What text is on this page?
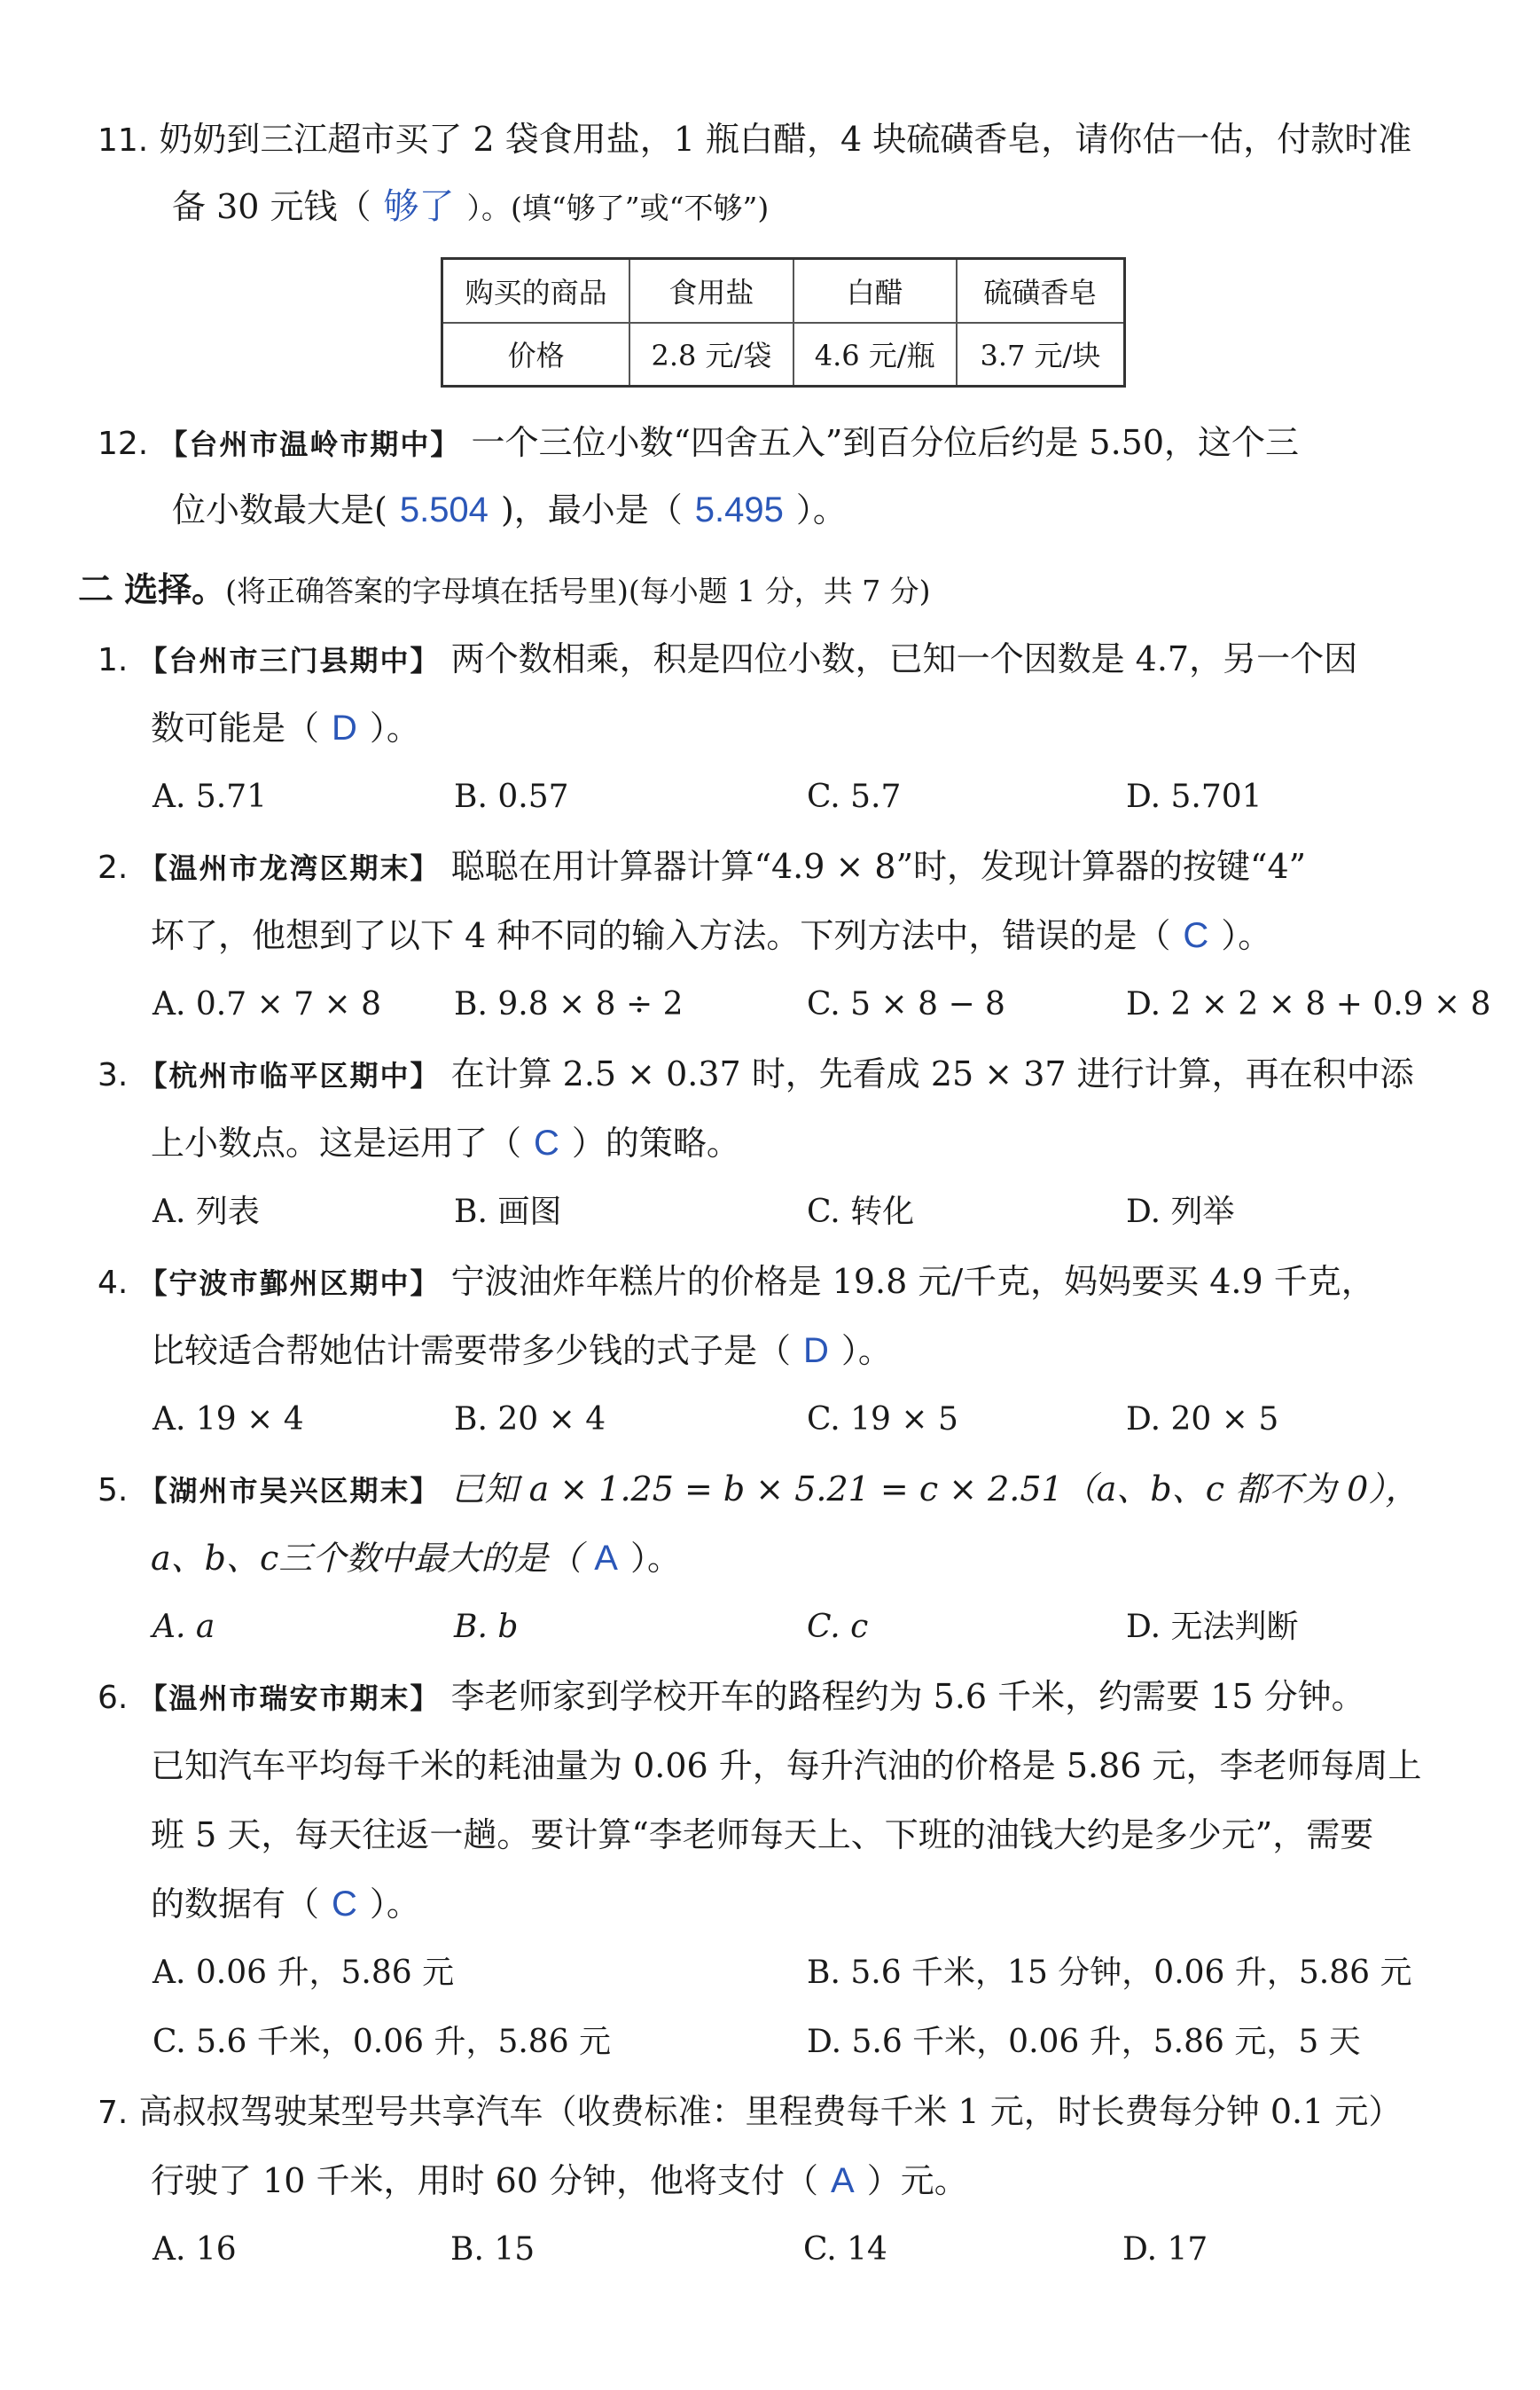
11. 奶奶到三江超市买了 2 袋食用盐，1 瓶白醋，4 块硫磺香皂，请你估一估，付款时准
备 30 元钱（ 够了 ）。(填“够了”或“不够”)
购买的商品	食用盐	白醋	硫磺香皂
价格	2.8 元/袋	4.6 元/瓶	3.7 元/块
12. 【台州市温岭市期中】 一个三位小数“四舍五入”到百分位后约是 5.50，这个三
位小数最大是( 5.504 )，最小是（ 5.495 ）。
二 选择。(将正确答案的字母填在括号里)(每小题 1 分，共 7 分)
1. 【台州市三门县期中】 两个数相乘，积是四位小数，已知一个因数是 4.7，另一个因
数可能是（ D ）。
A. 5.71	B. 0.57	C. 5.7	D. 5.701
2. 【温州市龙湾区期末】 聪聪在用计算器计算“4.9 × 8”时，发现计算器的按键“4”
坏了，他想到了以下 4 种不同的输入方法。下列方法中，错误的是（ C ）。
A. 0.7 × 7 × 8 B. 9.8 × 8 ÷ 2	C. 5 × 8 − 8	D. 2 × 2 × 8 + 0.9 × 8
3. 【杭州市临平区期中】 在计算 2.5 × 0.37 时，先看成 25 × 37 进行计算，再在积中添
上小数点。这是运用了（ C ）的策略。
A. 列表	B. 画图	C. 转化	D. 列举
4. 【宁波市鄞州区期中】 宁波油炸年糕片的价格是 19.8 元/千克，妈妈要买 4.9 千克，
比较适合帮她估计需要带多少钱的式子是（ D ）。
A. 19 × 4	B. 20 × 4	C. 19 × 5	D. 20 × 5
5. 【湖州市吴兴区期末】 已知 a × 1.25 = b × 5.21 = c × 2.51（a、b、c 都不为 0），
a、b、c三个数中最大的是（ A ）。
A. a	B. b	C. c	D. 无法判断
6. 【温州市瑞安市期末】 李老师家到学校开车的路程约为 5.6 千米，约需要 15 分钟。
已知汽车平均每千米的耗油量为 0.06 升，每升汽油的价格是 5.86 元，李老师每周上
班 5 天，每天往返一趟。要计算“李老师每天上、下班的油钱大约是多少元”，需要
的数据有（ C ）。
A. 0.06 升，5.86 元	B. 5.6 千米，15 分钟，0.06 升，5.86 元
C. 5.6 千米，0.06 升，5.86 元	D. 5.6 千米，0.06 升，5.86 元，5 天
7. 高叔叔驾驶某型号共享汽车（收费标准：里程费每千米 1 元，时长费每分钟 0.1 元）
行驶了 10 千米，用时 60 分钟，他将支付（ A ）元。
A. 16	B. 15	C. 14	D. 17
